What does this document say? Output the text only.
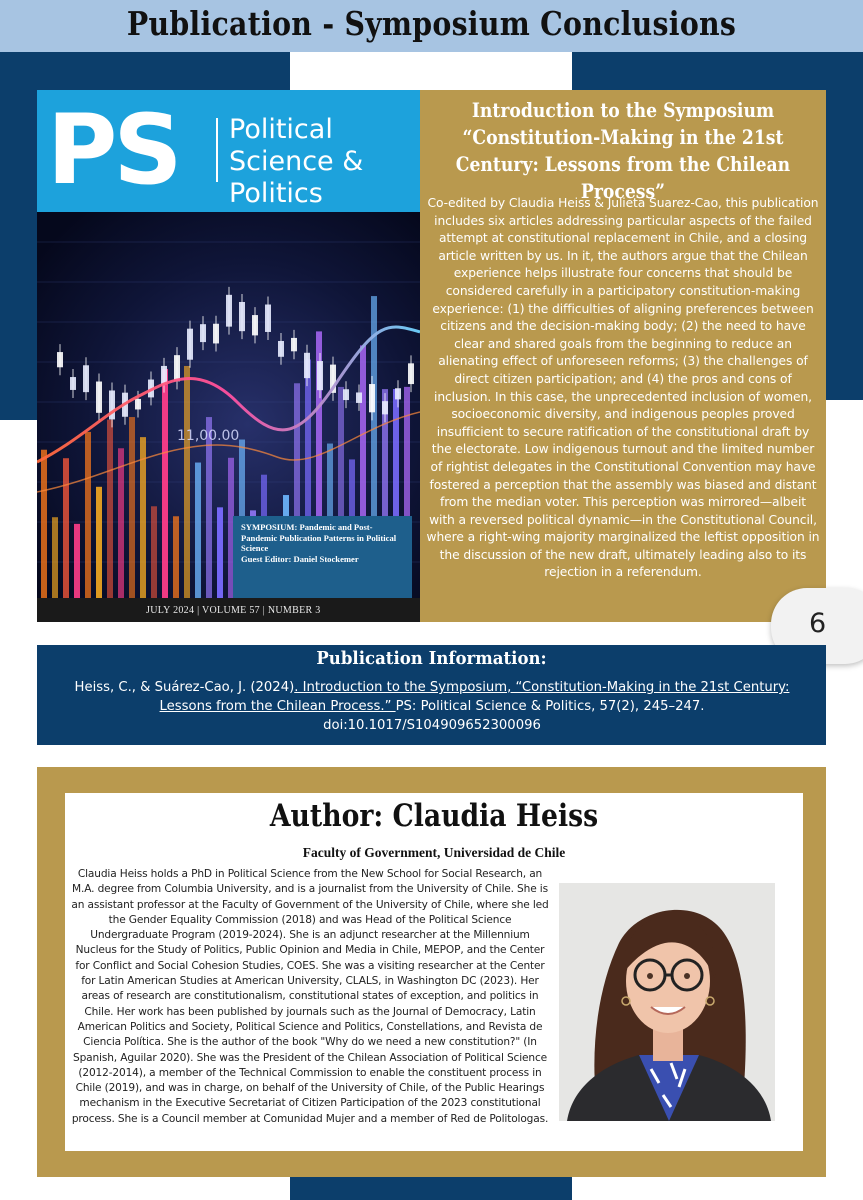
Publication - Symposium Conclusions
PS Political Science & Politics
11,00.00
SYMPOSIUM: Pandemic and Post-Pandemic Publication Patterns in Political Science
Guest Editor: Daniel Stockemer
JULY 2024 | VOLUME 57 | NUMBER 3
Introduction to the Symposium “Constitution-Making in the 21st Century: Lessons from the Chilean Process”
Co-edited by Claudia Heiss & Julieta Suarez-Cao, this publication includes six articles addressing particular aspects of the failed attempt at constitutional replacement in Chile, and a closing article written by us. In it, the authors argue that the Chilean experience helps illustrate four concerns that should be considered carefully in a participatory constitution-making experience: (1) the difficulties of aligning preferences between citizens and the decision-making body; (2) the need to have clear and shared goals from the beginning to reduce an alienating effect of unforeseen reforms; (3) the challenges of direct citizen participation; and (4) the pros and cons of inclusion. In this case, the unprecedented inclusion of women, socioeconomic diversity, and indigenous peoples proved insufficient to secure ratification of the constitutional draft by the electorate. Low indigenous turnout and the limited number of rightist delegates in the Constitutional Convention may have fostered a perception that the assembly was biased and distant from the median voter. This perception was mirrored—albeit with a reversed political dynamic—in the Constitutional Council, where a right-wing majority marginalized the leftist opposition in the discussion of the new draft, ultimately leading also to its rejection in a referendum.
6
Publication Information:
Heiss, C., & Suárez-Cao, J. (2024). Introduction to the Symposium, “Constitution-Making in the 21st Century: Lessons from the Chilean Process.” PS: Political Science & Politics, 57(2), 245–247.
doi:10.1017/S104909652300096
Author: Claudia Heiss
Faculty of Government, Universidad de Chile
Claudia Heiss holds a PhD in Political Science from the New School for Social Research, an M.A. degree from Columbia University, and is a journalist from the University of Chile. She is an assistant professor at the Faculty of Government of the University of Chile, where she led the Gender Equality Commission (2018) and was Head of the Political Science Undergraduate Program (2019-2024). She is an adjunct researcher at the Millennium Nucleus for the Study of Politics, Public Opinion and Media in Chile, MEPOP, and the Center for Conflict and Social Cohesion Studies, COES. She was a visiting researcher at the Center for Latin American Studies at American University, CLALS, in Washington DC (2023). Her areas of research are constitutionalism, constitutional states of exception, and politics in Chile. Her work has been published by journals such as the Journal of Democracy, Latin American Politics and Society, Political Science and Politics, Constellations, and Revista de Ciencia Política. She is the author of the book "Why do we need a new constitution?" (In Spanish, Aguilar 2020). She was the President of the Chilean Association of Political Science (2012-2014), a member of the Technical Commission to enable the constituent process in Chile (2019), and was in charge, on behalf of the University of Chile, of the Public Hearings mechanism in the Executive Secretariat of Citizen Participation of the 2023 constitutional process. She is a Council member at Comunidad Mujer and a member of Red de Politologas.
